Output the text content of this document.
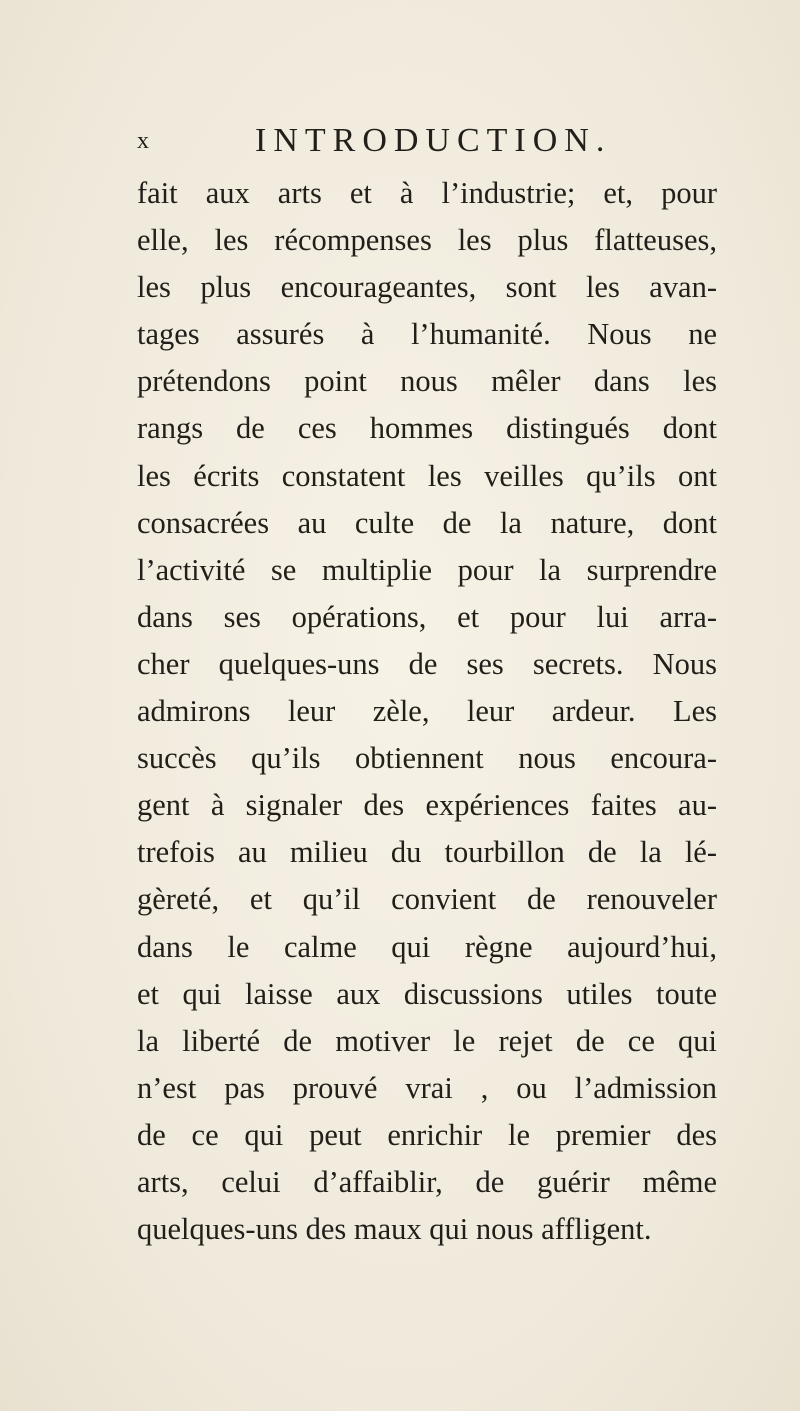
x	INTRODUCTION.
fait aux arts et à l’industrie; et, pour
elle, les récompenses les plus flatteuses,
les plus encourageantes, sont les avan-
tages assurés à l’humanité. Nous ne
prétendons point nous mêler dans les
rangs de ces hommes distingués dont
les écrits constatent les veilles qu’ils ont
consacrées au culte de la nature, dont
l’activité se multiplie pour la surprendre
dans ses opérations, et pour lui arra-
cher quelques-uns de ses secrets. Nous
admirons leur zèle, leur ardeur. Les
succès qu’ils obtiennent nous encoura-
gent à signaler des expériences faites au-
trefois au milieu du tourbillon de la lé-
gèreté, et qu’il convient de renouveler
dans le calme qui règne aujourd’hui,
et qui laisse aux discussions utiles toute
la liberté de motiver le rejet de ce qui
n’est pas prouvé vrai , ou l’admission
de ce qui peut enrichir le premier des
arts, celui d’affaiblir, de guérir même
quelques-uns des maux qui nous affligent.
